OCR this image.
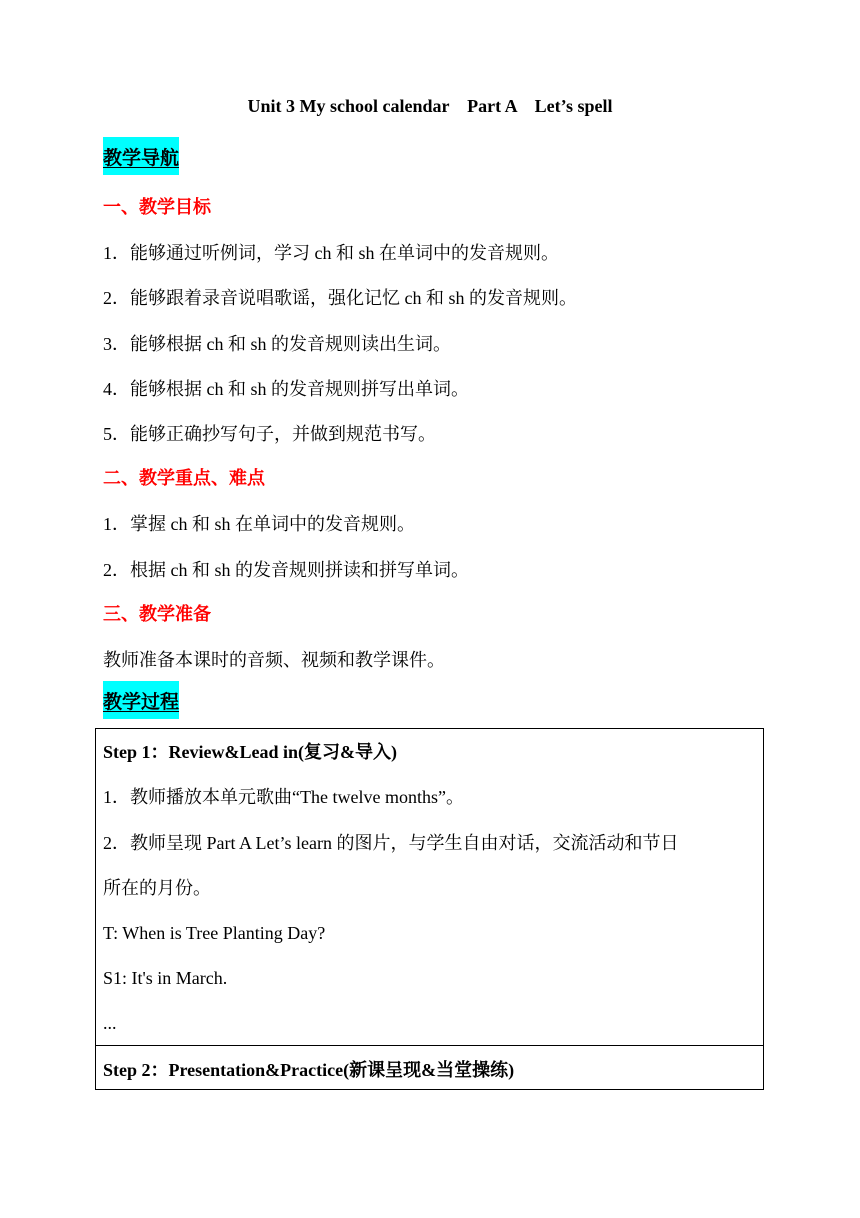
Unit 3 My school calendar    Part A    Let’s spell
教学导航
一、教学目标
1．能够通过听例词，学习 ch 和 sh 在单词中的发音规则。
2．能够跟着录音说唱歌谣，强化记忆 ch 和 sh 的发音规则。
3．能够根据 ch 和 sh 的发音规则读出生词。
4．能够根据 ch 和 sh 的发音规则拼写出单词。
5．能够正确抄写句子，并做到规范书写。
二、教学重点、难点
1．掌握 ch 和 sh 在单词中的发音规则。
2．根据 ch 和 sh 的发音规则拼读和拼写单词。
三、教学准备
教师准备本课时的音频、视频和教学课件。
教学过程
Step 1：Review&Lead in(复习&导入)
1．教师播放本单元歌曲“The twelve months”。
2．教师呈现 Part A Let’s learn 的图片，与学生自由对话，交流活动和节日
所在的月份。
T: When is Tree Planting Day?
S1: It's in March.
...
Step 2：Presentation&Practice(新课呈现&当堂操练)
